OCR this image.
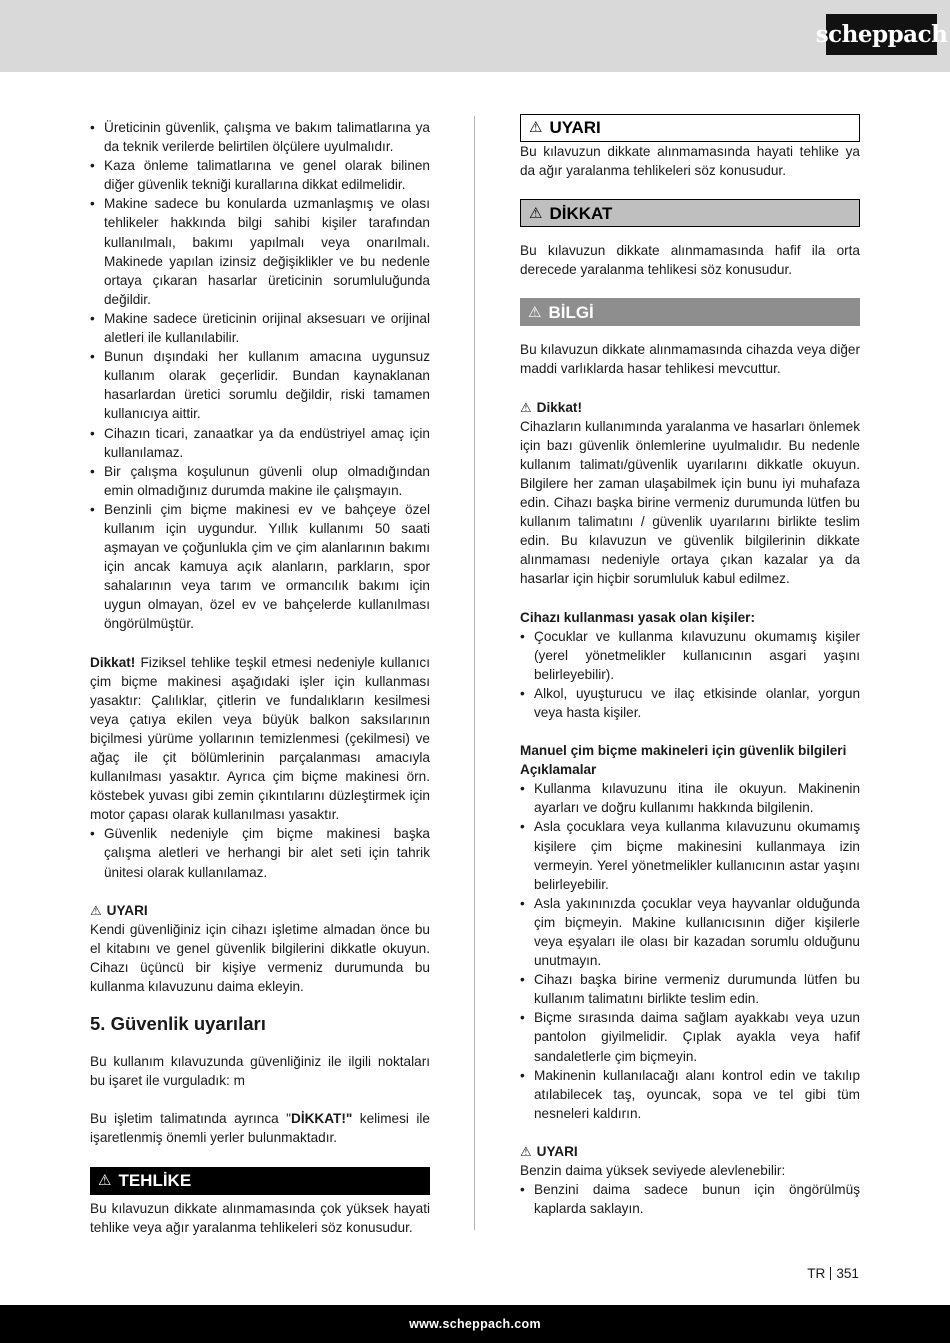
scheppach
• Üreticinin güvenlik, çalışma ve bakım talimatlarına ya da teknik verilerde belirtilen ölçülere uyulmalıdır.
• Kaza önleme talimatlarına ve genel olarak bilinen diğer güvenlik tekniği kurallarına dikkat edilmelidir.
• Makine sadece bu konularda uzmanlaşmış ve olası tehlikeler hakkında bilgi sahibi kişiler tarafından kullanılmalı, bakımı yapılmalı veya onarılmalı. Makinede yapılan izinsiz değişiklikler ve bu nedenle ortaya çıkaran hasarlar üreticinin sorumluluğunda değildir.
• Makine sadece üreticinin orijinal aksesuarı ve orijinal aletleri ile kullanılabilir.
• Bunun dışındaki her kullanım amacına uygunsuz kullanım olarak geçerlidir. Bundan kaynaklanan hasarlardan üretici sorumlu değildir, riski tamamen kullanıcıya aittir.
• Cihazın ticari, zanaatkar ya da endüstriyel amaç için kullanılamaz.
• Bir çalışma koşulunun güvenli olup olmadığından emin olmadığınız durumda makine ile çalışmayın.
• Benzinli çim biçme makinesi ev ve bahçeye özel kullanım için uygundur. Yıllık kullanımı 50 saati aşmayan ve çoğunlukla çim ve çim alanlarının bakımı için ancak kamuya açık alanların, parkların, spor sahalarının veya tarım ve ormancılık bakımı için uygun olmayan, özel ev ve bahçelerde kullanılması öngörülmüştür.

Dikkat! Fiziksel tehlike teşkil etmesi nedeniyle kullanıcı çim biçme makinesi aşağıdaki işler için kullanması yasaktır: Çalılıklar, çitlerin ve fundalıkların kesilmesi veya çatıya ekilen veya büyük balkon saksılarının biçilmesi yürüme yollarının temizlenmesi (çekilmesi) ve ağaç ile çit bölümlerinin parçalanması amacıyla kullanılması yasaktır. Ayrıca çim biçme makinesi örn. köstebek yuvası gibi zemin çıkıntılarını düzleştirmek için motor çapası olarak kullanılması yasaktır.

• Güvenlik nedeniyle çim biçme makinesi başka çalışma aletleri ve herhangi bir alet seti için tahrik ünitesi olarak kullanılamaz.
⚠ UYARI

Kendi güvenliğiniz için cihazı işletime almadan önce bu el kitabını ve genel güvenlik bilgilerini dikkatle okuyun. Cihazı üçüncü bir kişiye vermeniz durumunda bu kullanma kılavuzunu daima ekleyin.

5. Güvenlik uyarıları

Bu kullanım kılavuzunda güvenliğiniz ile ilgili noktaları bu işaret ile vurguladık: m

Bu işletim talimatında ayrınca "DİKKAT!" kelimesi ile işaretlenmiş önemli yerler bulunmaktadır.

⚠ TEHLİKE

Bu kılavuzun dikkate alınmamasında çok yüksek hayati tehlike veya ağır yaralanma tehlikeleri söz konusudur.

⚠ UYARI

Bu kılavuzun dikkate alınmamasında hayati tehlike ya da ağır yaralanma tehlikeleri söz konusudur.

⚠ DİKKAT

Bu kılavuzun dikkate alınmamasında hafif ila orta derecede yaralanma tehlikesi söz konusudur.

⚠ BİLGİ

Bu kılavuzun dikkate alınmamasında cihazda veya diğer maddi varlıklarda hasar tehlikesi mevcuttur.

⚠ Dikkat!

Cihazların kullanımında yaralanma ve hasarları önlemek için bazı güvenlik önlemlerine uyulmalıdır. Bu nedenle kullanım talimatı/güvenlik uyarılarını dikkatle okuyun. Bilgilere her zaman ulaşabilmek için bunu iyi muhafaza edin. Cihazı başka birine vermeniz durumunda lütfen bu kullanım talimatını / güvenlik uyarılarını birlikte teslim edin. Bu kılavuzun ve güvenlik bilgilerinin dikkate alınmaması nedeniyle ortaya çıkan kazalar ya da hasarlar için hiçbir sorumluluk kabul edilmez.

Cihazı kullanması yasak olan kişiler:
• Çocuklar ve kullanma kılavuzunu okumamış kişiler (yerel yönetmelikler kullanıcının asgari yaşını belirleyebilir).
• Alkol, uyuşturucu ve ilaç etkisinde olanlar, yorgun veya hasta kişiler.
Manuel çim biçme makineleri için güvenlik bilgileri
Açıklamalar
• Kullanma kılavuzunu itina ile okuyun. Makinenin ayarları ve doğru kullanımı hakkında bilgilenin.
• Asla çocuklara veya kullanma kılavuzunu okumamış kişilere çim biçme makinesini kullanmaya izin vermeyin. Yerel yönetmelikler kullanıcının astar yaşını belirleyebilir.
• Asla yakınınızda çocuklar veya hayvanlar olduğunda çim biçmeyin. Makine kullanıcısının diğer kişilerle veya eşyaları ile olası bir kazadan sorumlu olduğunu unutmayın.
• Cihazı başka birine vermeniz durumunda lütfen bu kullanım talimatını birlikte teslim edin.
• Biçme sırasında daima sağlam ayakkabı veya uzun pantolon giyilmelidir. Çıplak ayakla veya hafif sandaletlerle çim biçmeyin.
• Makinenin kullanılacağı alanı kontrol edin ve takılıp atılabilecek taş, oyuncak, sopa ve tel gibi tüm nesneleri kaldırın.
⚠ UYARI

Benzin daima yüksek seviyede alevlenebilir:

• Benzini daima sadece bunun için öngörülmüş kaplarda saklayın.
TR 351
www.scheppach.com
